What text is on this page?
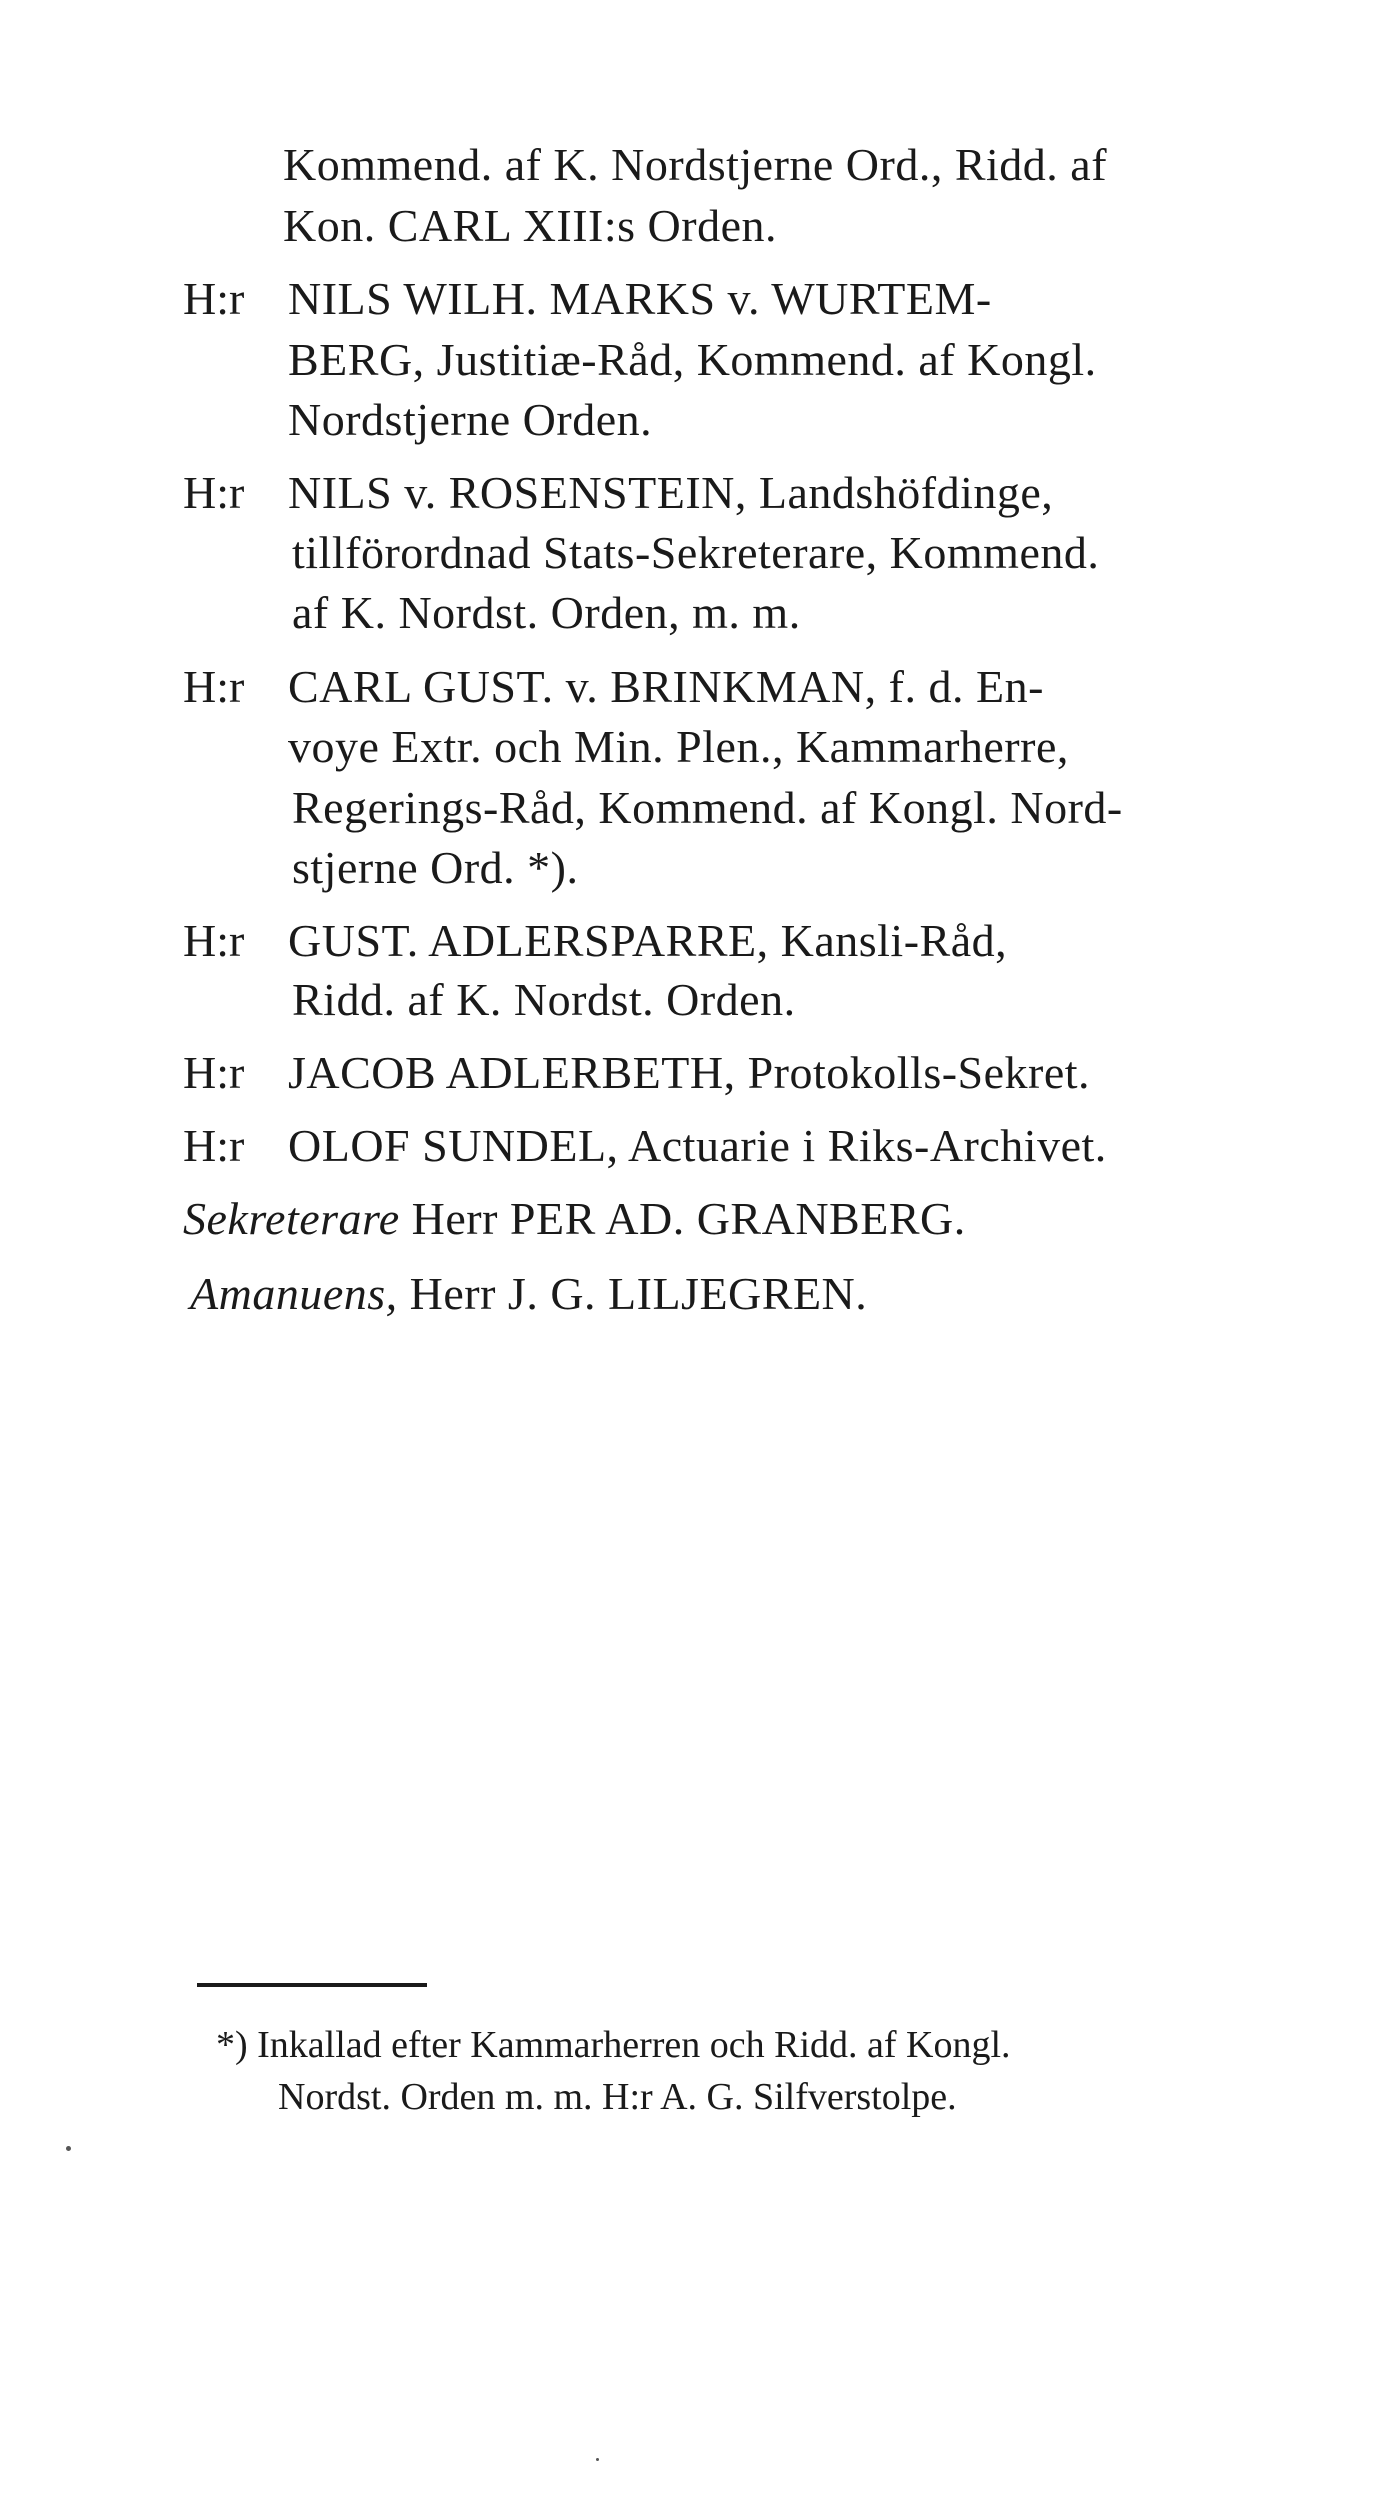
Kommend. af K. Nordstjerne Ord., Ridd. af
Kon. CARL XIII:s Orden.
H:r NILS WILH. MARKS v. WURTEM-
BERG, Justitiæ-Råd, Kommend. af Kongl.
Nordstjerne Orden.
H:r NILS v. ROSENSTEIN, Landshöfdinge,
tillförordnad Stats-Sekreterare, Kommend.
af K. Nordst. Orden, m. m.
H:r CARL GUST. v. BRINKMAN, f. d. En-
voye Extr. och Min. Plen., Kammarherre,
Regerings-Råd, Kommend. af Kongl. Nord-
stjerne Ord. *).
H:r GUST. ADLERSPARRE, Kansli-Råd,
Ridd. af K. Nordst. Orden.
H:r JACOB ADLERBETH, Protokolls-Sekret.
H:r OLOF SUNDEL, Actuarie i Riks-Archivet.
Sekreterare Herr PER AD. GRANBERG.
Amanuens, Herr J. G. LILJEGREN.
*) Inkallad efter Kammarherren och Ridd. af Kongl.
Nordst. Orden m. m. H:r A. G. Silfverstolpe.
